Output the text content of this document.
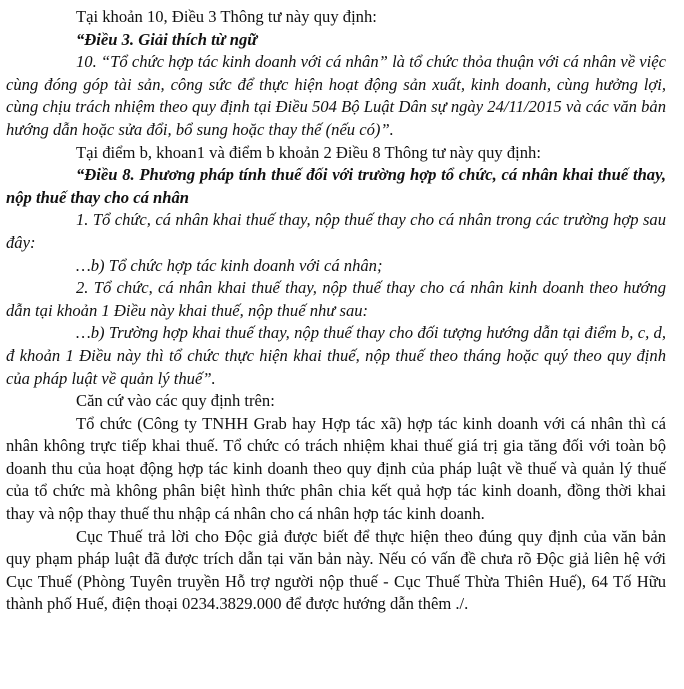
Tại khoản 10, Điều 3 Thông tư này quy định:

“Điều 3. Giải thích từ ngữ

10. “Tổ chức hợp tác kinh doanh với cá nhân” là tổ chức thỏa thuận với cá nhân về việc cùng đóng góp tài sản, công sức để thực hiện hoạt động sản xuất, kinh doanh, cùng hưởng lợi, cùng chịu trách nhiệm theo quy định tại Điều 504 Bộ Luật Dân sự ngày 24/11/2015 và các văn bản hướng dẫn hoặc sửa đổi, bổ sung hoặc thay thế (nếu có)”.

Tại điểm b, khoan1 và điểm b khoản 2 Điều 8 Thông tư này quy định:

“Điều 8. Phương pháp tính thuế đối với trường hợp tổ chức, cá nhân khai thuế thay, nộp thuế thay cho cá nhân

1. Tổ chức, cá nhân khai thuế thay, nộp thuế thay cho cá nhân trong các trường hợp sau đây:

…b) Tổ chức hợp tác kinh doanh với cá nhân;

2. Tổ chức, cá nhân khai thuế thay, nộp thuế thay cho cá nhân kinh doanh theo hướng dẫn tại khoản 1 Điều này khai thuế, nộp thuế như sau:

…b) Trường hợp khai thuế thay, nộp thuế thay cho đối tượng hướng dẫn tại điểm b, c, d, đ khoản 1 Điều này thì tổ chức thực hiện khai thuế, nộp thuế theo tháng hoặc quý theo quy định của pháp luật về quản lý thuế”.

Căn cứ vào các quy định trên:

Tổ chức (Công ty TNHH Grab hay Hợp tác xã) hợp tác kinh doanh với cá nhân thì cá nhân không trực tiếp khai thuế. Tổ chức có trách nhiệm khai thuế giá trị gia tăng đối với toàn bộ doanh thu của hoạt động hợp tác kinh doanh theo quy định của pháp luật về thuế và quản lý thuế của tổ chức mà không phân biệt hình thức phân chia kết quả hợp tác kinh doanh, đồng thời khai thay và nộp thay thuế thu nhập cá nhân cho cá nhân hợp tác kinh doanh.

Cục Thuế trả lời cho Độc giả được biết để thực hiện theo đúng quy định của văn bản quy phạm pháp luật đã được trích dẫn tại văn bản này. Nếu có vấn đề chưa rõ Độc giả liên hệ với Cục Thuế (Phòng Tuyên truyền Hỗ trợ người nộp thuế - Cục Thuế Thừa Thiên Huế), 64 Tố Hữu thành phố Huế, điện thoại 0234.3829.000 để được hướng dẫn thêm ./.
